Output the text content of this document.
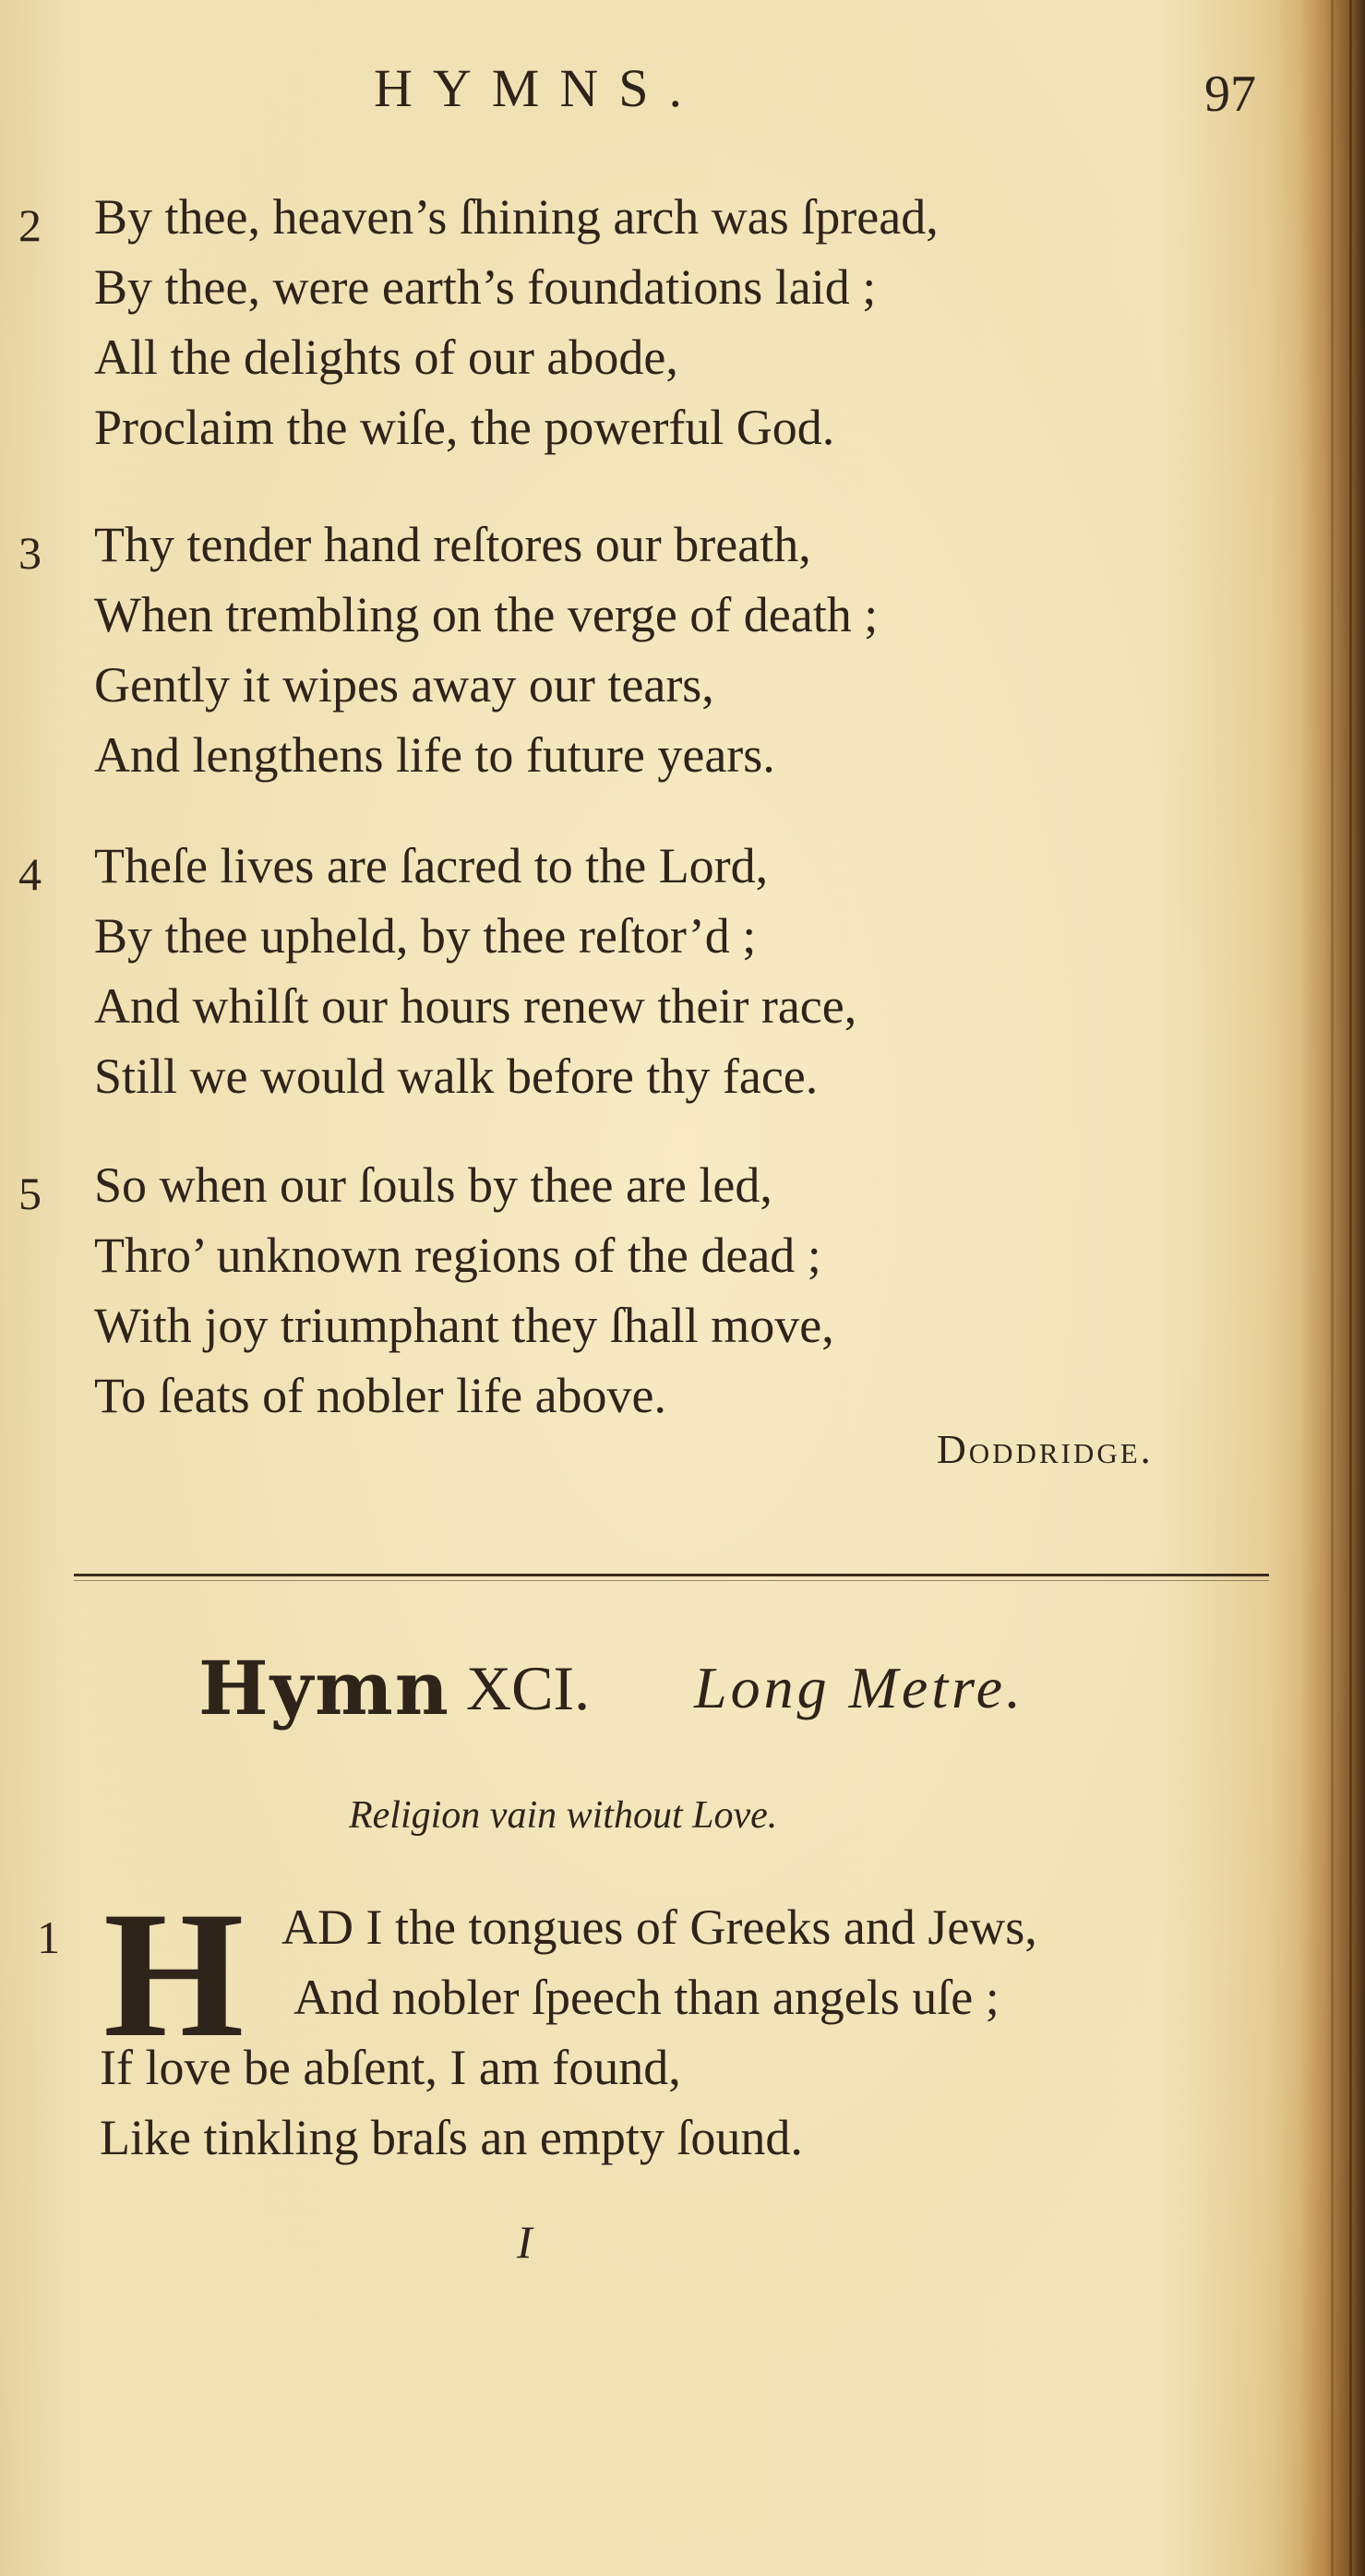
HYMNS.	97
2 By thee, heaven’s ſhining arch was ſpread,
By thee, were earth’s foundations laid ;
All the delights of our abode,
Proclaim the wiſe, the powerful God.
3 Thy tender hand reſtores our breath,
When trembling on the verge of death ;
Gently it wipes away our tears,
And lengthens life to future years.
4 Theſe lives are ſacred to the Lord,
By thee upheld, by thee reſtor’d ;
And whilſt our hours renew their race,
Still we would walk before thy face.
5 So when our ſouls by thee are led,
Thro’ unknown regions of the dead ;
With joy triumphant they ſhall move,
To ſeats of nobler life above.
Doddridge.
Hymn XCI. Long Metre.
Religion vain without Love.
1	AD I the tongues of Greeks and Jews,
And nobler ſpeech than angels uſe ;
If love be abſent, I am found,
Like tinkling braſs an empty ſound.
H
I
